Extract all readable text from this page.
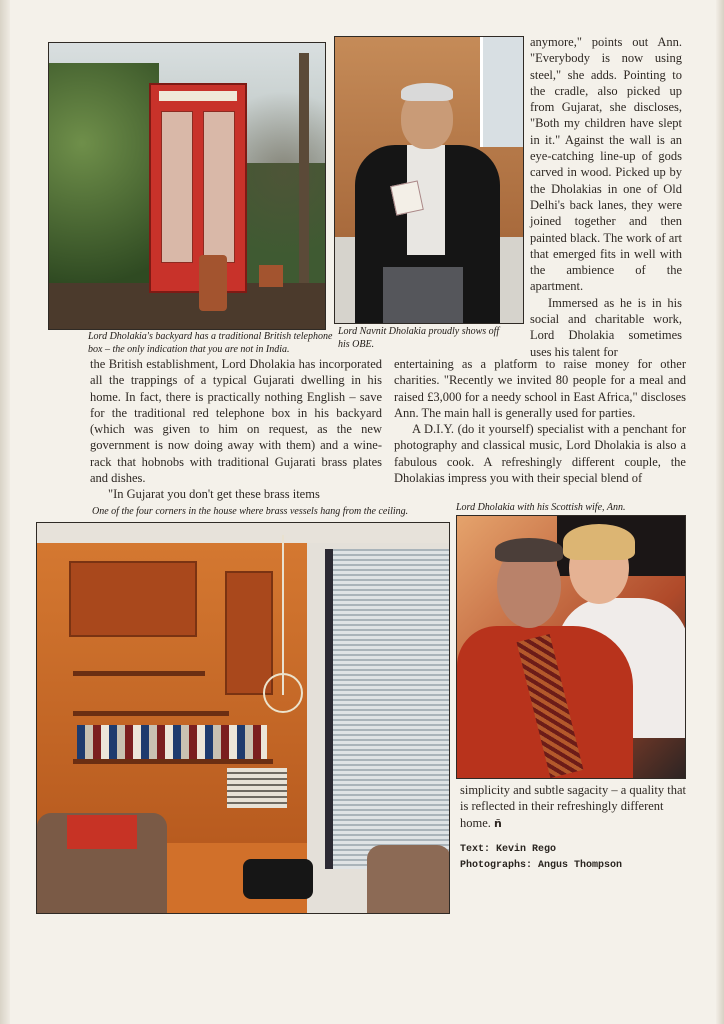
anymore," points out Ann. "Everybody is now using steel," she adds. Pointing to the cradle, also picked up from Gujarat, she discloses, "Both my children have slept in it." Against the wall is an eye-catching line-up of gods carved in wood. Picked up by the Dholakias in one of Old Delhi's back lanes, they were joined together and then painted black. The work of art that emerged fits in well with the ambience of the apartment.

Immersed as he is in his social and charitable work, Lord Dholakia sometimes uses his talent for

Lord Dholakia's backyard has a traditional British telephone box – the only indication that you are not in India.

Lord Navnit Dholakia proudly shows off his OBE.

the British establishment, Lord Dholakia has incorporated all the trappings of a typical Gujarati dwelling in his home. In fact, there is practically nothing English – save for the traditional red telephone box in his backyard (which was given to him on request, as the new government is now doing away with them) and a wine-rack that hobnobs with traditional Gujarati brass plates and dishes.

"In Gujarat you don't get these brass items

entertaining as a platform to raise money for other charities. "Recently we invited 80 people for a meal and raised £3,000 for a needy school in East Africa," discloses Ann. The main hall is generally used for parties.

A D.I.Y. (do it yourself) specialist with a penchant for photography and classical music, Lord Dholakia is also a fabulous cook. A refreshingly different couple, the Dholakias impress you with their special blend of

One of the four corners in the house where brass vessels hang from the ceiling.	Lord Dholakia with his Scottish wife, Ann.

simplicity and subtle sagacity – a quality that is reflected in their refreshingly different home. ñ
Text: Kevin Rego
Photographs: Angus Thompson
